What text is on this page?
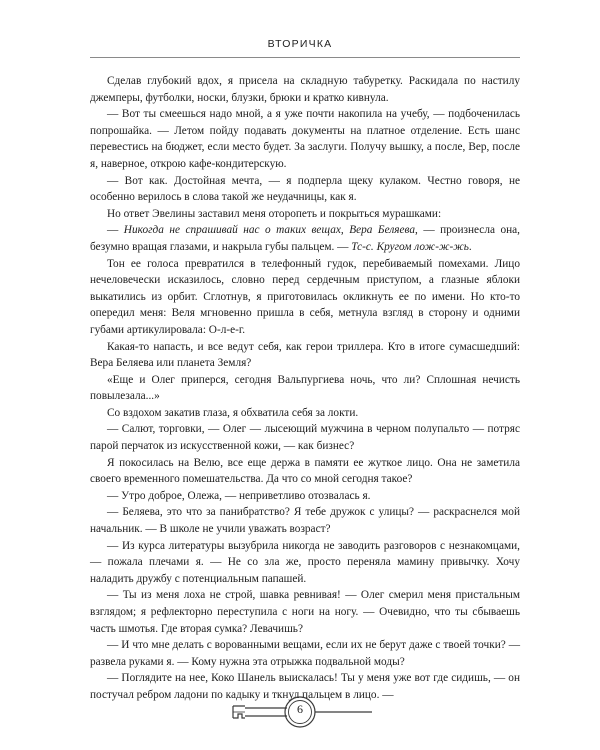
ВТОРИЧКА

Сделав глубокий вдох, я присела на складную табуретку. Раскидала по настилу джемперы, футболки, носки, блузки, брюки и кратко кивнула.

— Вот ты смеешься надо мной, а я уже почти накопила на учебу, — подбоченилась попрошайка. — Летом пойду подавать документы на платное отделение. Есть шанс перевестись на бюджет, если место будет. За заслуги. Получу вышку, а после, Вер, после я, наверное, открою кафе-кондитерскую.

— Вот как. Достойная мечта, — я подперла щеку кулаком. Честно говоря, не особенно верилось в слова такой же неудачницы, как я.

Но ответ Эвелины заставил меня оторопеть и покрыться мурашками:

— Никогда не спрашивай нас о таких вещах, Вера Беляева, — произнесла она, безумно вращая глазами, и накрыла губы пальцем. — Тс-с. Кругом лож-ж-жь.

Тон ее голоса превратился в телефонный гудок, перебиваемый помехами. Лицо нечеловечески исказилось, словно перед сердечным приступом, а глазные яблоки выкатились из орбит. Сглотнув, я приготовилась окликнуть ее по имени. Но кто-то опередил меня: Веля мгновенно пришла в себя, метнула взгляд в сторону и одними губами артикулировала: О-л-е-г.

Какая-то напасть, и все ведут себя, как герои триллера. Кто в итоге сумасшедший: Вера Беляева или планета Земля?

«Еще и Олег приперся, сегодня Вальпургиева ночь, что ли? Сплошная нечисть повылезала...»

Со вздохом закатив глаза, я обхватила себя за локти.

— Салют, торговки, — Олег — лысеющий мужчина в черном полупальто — потряс парой перчаток из искусственной кожи, — как бизнес?

Я покосилась на Велю, все еще держа в памяти ее жуткое лицо. Она не заметила своего временного помешательства. Да что со мной сегодня такое?

— Утро доброе, Олежа, — неприветливо отозвалась я.

— Беляева, это что за панибратство? Я тебе дружок с улицы? — раскраснелся мой начальник. — В школе не учили уважать возраст?

— Из курса литературы вызубрила никогда не заводить разговоров с незнакомцами, — пожала плечами я. — Не со зла же, просто переняла мамину привычку. Хочу наладить дружбу с потенциальным папашей.

— Ты из меня лоха не строй, шавка ревнивая! — Олег смерил меня пристальным взглядом; я рефлекторно переступила с ноги на ногу. — Очевидно, что ты сбываешь часть шмотья. Где вторая сумка? Левачишь?

— И что мне делать с ворованными вещами, если их не берут даже с твоей точки? — развела руками я. — Кому нужна эта отрыжка подвальной моды?

— Поглядите на нее, Коко Шанель выискалась! Ты у меня уже вот где сидишь, — он постучал ребром ладони по кадыку и ткнул пальцем в лицо. —

6
